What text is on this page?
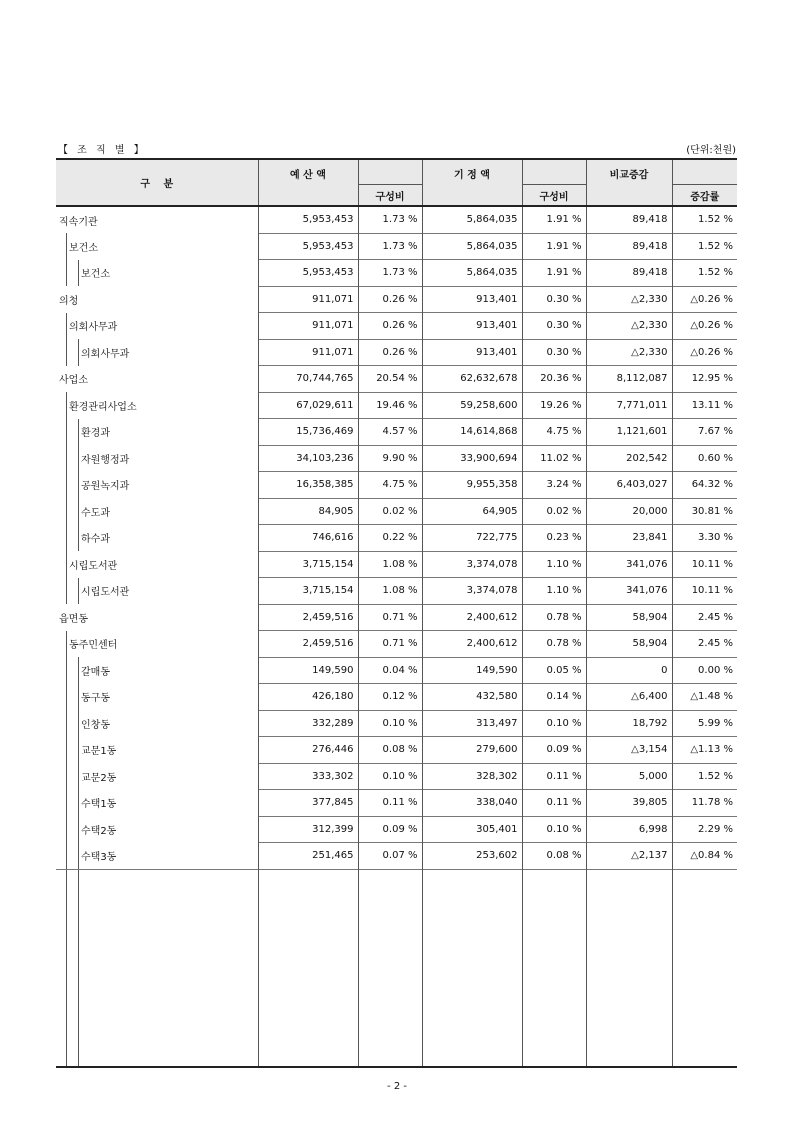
【 조 직 별 】	(단위:천원)
구　 분	예 산 액		기 정 액		비교증감	
		구성비		구성비		증감률

직속기관	5,953,453	1.73 %	5,864,035	1.91 %	89,418	1.52 %

보건소	5,953,453	1.73 %	5,864,035	1.91 %	89,418	1.52 %

보건소	5,953,453	1.73 %	5,864,035	1.91 %	89,418	1.52 %

의청	911,071	0.26 %	913,401	0.30 %	△2,330	△0.26 %

의회사무과	911,071	0.26 %	913,401	0.30 %	△2,330	△0.26 %

의회사무과	911,071	0.26 %	913,401	0.30 %	△2,330	△0.26 %

사업소	70,744,765	20.54 %	62,632,678	20.36 %	8,112,087	12.95 %

환경관리사업소	67,029,611	19.46 %	59,258,600	19.26 %	7,771,011	13.11 %

환경과	15,736,469	4.57 %	14,614,868	4.75 %	1,121,601	7.67 %

자원행정과	34,103,236	9.90 %	33,900,694	11.02 %	202,542	0.60 %

공원녹지과	16,358,385	4.75 %	9,955,358	3.24 %	6,403,027	64.32 %

수도과	84,905	0.02 %	64,905	0.02 %	20,000	30.81 %

하수과	746,616	0.22 %	722,775	0.23 %	23,841	3.30 %

시립도서관	3,715,154	1.08 %	3,374,078	1.10 %	341,076	10.11 %

시립도서관	3,715,154	1.08 %	3,374,078	1.10 %	341,076	10.11 %

읍면동	2,459,516	0.71 %	2,400,612	0.78 %	58,904	2.45 %

동주민센터	2,459,516	0.71 %	2,400,612	0.78 %	58,904	2.45 %

갈매동	149,590	0.04 %	149,590	0.05 %	0	0.00 %

동구동	426,180	0.12 %	432,580	0.14 %	△6,400	△1.48 %

인창동	332,289	0.10 %	313,497	0.10 %	18,792	5.99 %

교문1동	276,446	0.08 %	279,600	0.09 %	△3,154	△1.13 %

교문2동	333,302	0.10 %	328,302	0.11 %	5,000	1.52 %

수택1동	377,845	0.11 %	338,040	0.11 %	39,805	11.78 %

수택2동	312,399	0.09 %	305,401	0.10 %	6,998	2.29 %

수택3동	251,465	0.07 %	253,602	0.08 %	△2,137	△0.84 %

- 2 -
